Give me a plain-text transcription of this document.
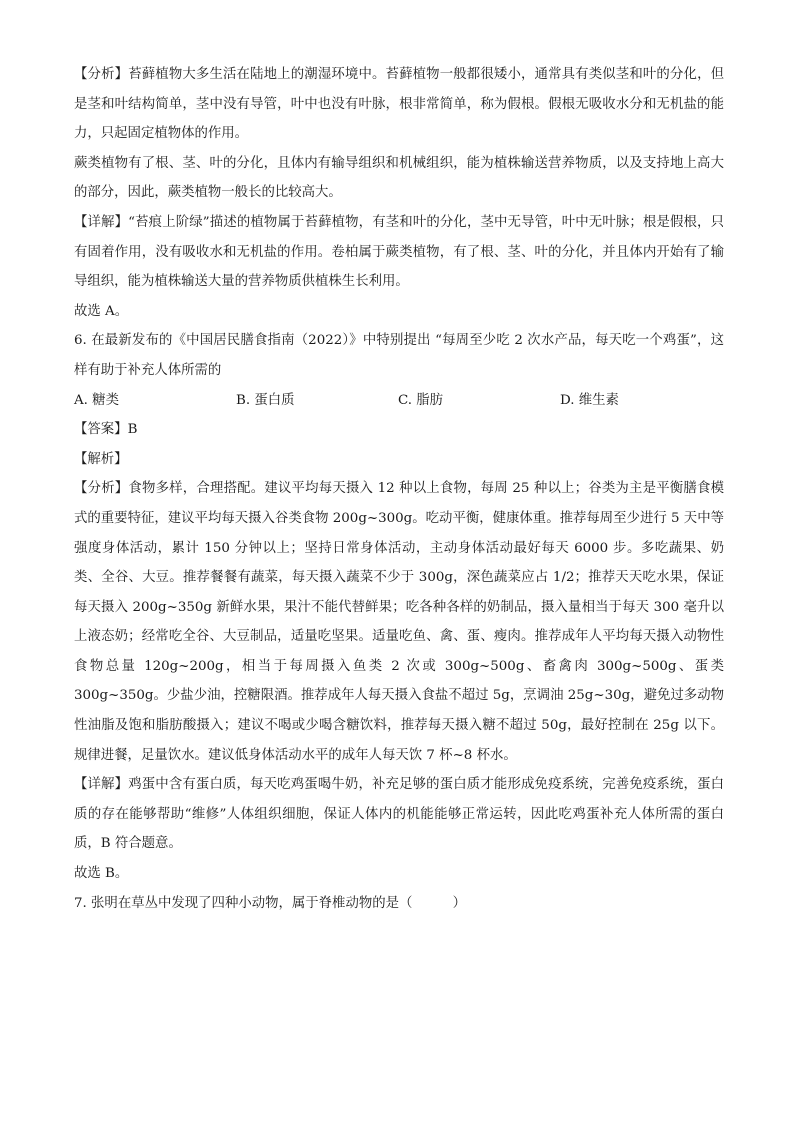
【分析】苔藓植物大多生活在陆地上的潮湿环境中。苔藓植物一般都很矮小，通常具有类似茎和叶的分化，但是茎和叶结构简单，茎中没有导管，叶中也没有叶脉，根非常简单，称为假根。假根无吸收水分和无机盐的能力，只起固定植物体的作用。

蕨类植物有了根、茎、叶的分化，且体内有输导组织和机械组织，能为植株输送营养物质，以及支持地上高大的部分，因此，蕨类植物一般长的比较高大。

【详解】“苔痕上阶绿”描述的植物属于苔藓植物，有茎和叶的分化，茎中无导管，叶中无叶脉；根是假根，只有固着作用，没有吸收水和无机盐的作用。卷柏属于蕨类植物，有了根、茎、叶的分化，并且体内开始有了输导组织，能为植株输送大量的营养物质供植株生长利用。

故选 A。

6. 在最新发布的《中国居民膳食指南（2022）》中特别提出 “每周至少吃 2 次水产品，每天吃一个鸡蛋”，这样有助于补充人体所需的

A. 糖类	B. 蛋白质	C. 脂肪	D. 维生素

【答案】B

【解析】

【分析】食物多样，合理搭配。建议平均每天摄入 12 种以上食物，每周 25 种以上；谷类为主是平衡膳食模式的重要特征，建议平均每天摄入谷类食物 200g~300g。吃动平衡，健康体重。推荐每周至少进行 5 天中等强度身体活动，累计 150 分钟以上；坚持日常身体活动，主动身体活动最好每天 6000 步。多吃蔬果、奶类、全谷、大豆。推荐餐餐有蔬菜，每天摄入蔬菜不少于 300g，深色蔬菜应占 1/2；推荐天天吃水果，保证每天摄入 200g~350g 新鲜水果，果汁不能代替鲜果；吃各种各样的奶制品，摄入量相当于每天 300 毫升以上液态奶；经常吃全谷、大豆制品，适量吃坚果。适量吃鱼、禽、蛋、瘦肉。推荐成年人平均每天摄入动物性食物总量 120g~200g，相当于每周摄入鱼类 2 次或 300g~500g、畜禽肉 300g~500g、蛋类 300g~350g。少盐少油，控糖限酒。推荐成年人每天摄入食盐不超过 5g，烹调油 25g~30g，避免过多动物性油脂及饱和脂肪酸摄入；建议不喝或少喝含糖饮料，推荐每天摄入糖不超过 50g，最好控制在 25g 以下。规律进餐，足量饮水。建议低身体活动水平的成年人每天饮 7 杯~8 杯水。

【详解】鸡蛋中含有蛋白质，每天吃鸡蛋喝牛奶，补充足够的蛋白质才能形成免疫系统，完善免疫系统，蛋白质的存在能够帮助“维修”人体组织细胞，保证人体内的机能能够正常运转，因此吃鸡蛋补充人体所需的蛋白质，B 符合题意。

故选 B。

7. 张明在草丛中发现了四种小动物，属于脊椎动物的是（　　　）
